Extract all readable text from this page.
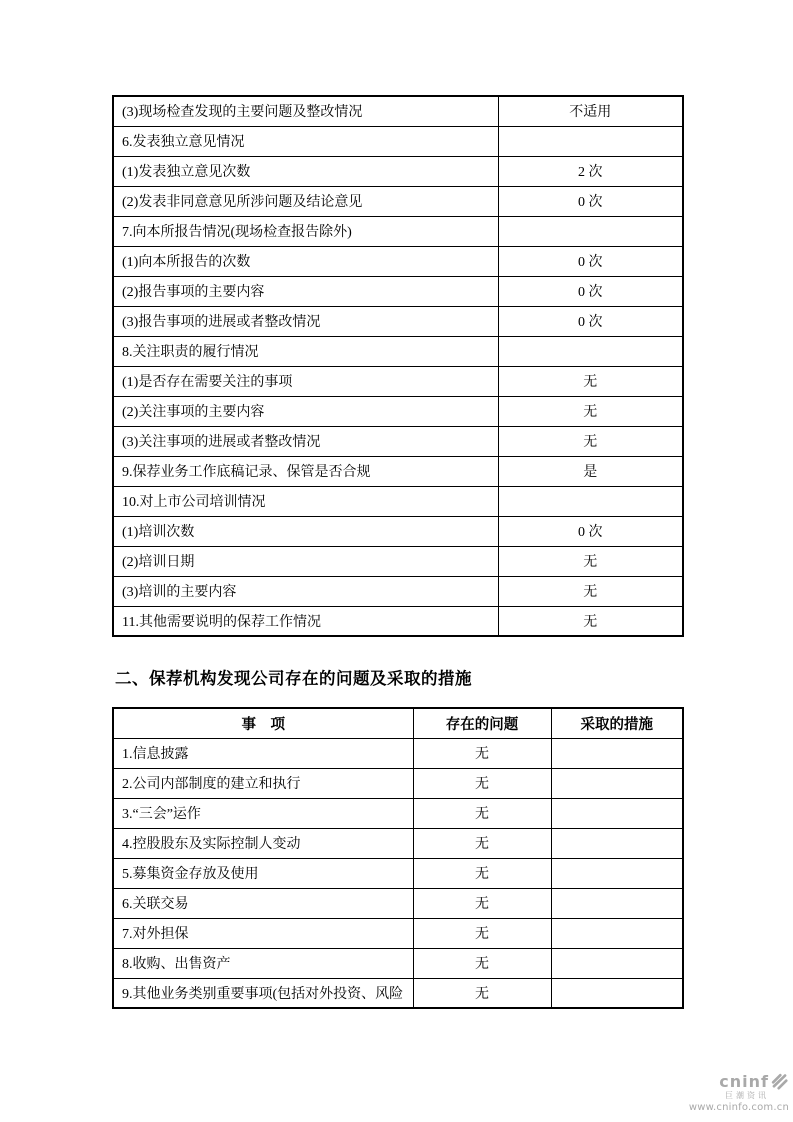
(3)现场检查发现的主要问题及整改情况	不适用
6.发表独立意见情况	
(1)发表独立意见次数	2 次
(2)发表非同意意见所涉问题及结论意见	0 次
7.向本所报告情况(现场检查报告除外)	
(1)向本所报告的次数	0 次
(2)报告事项的主要内容	0 次
(3)报告事项的进展或者整改情况	0 次
8.关注职责的履行情况	
(1)是否存在需要关注的事项	无
(2)关注事项的主要内容	无
(3)关注事项的进展或者整改情况	无
9.保荐业务工作底稿记录、保管是否合规	是
10.对上市公司培训情况	
(1)培训次数	0 次
(2)培训日期	无
(3)培训的主要内容	无
11.其他需要说明的保荐工作情况	无
二、保荐机构发现公司存在的问题及采取的措施
事　项	存在的问题	采取的措施
1.信息披露	无	
2.公司内部制度的建立和执行	无	
3.“三会”运作	无	
4.控股股东及实际控制人变动	无	
5.募集资金存放及使用	无	
6.关联交易	无	
7.对外担保	无	
8.收购、出售资产	无	
9.其他业务类别重要事项(包括对外投资、风险	无	
cninf
巨潮资讯
www.cninfo.com.cn
